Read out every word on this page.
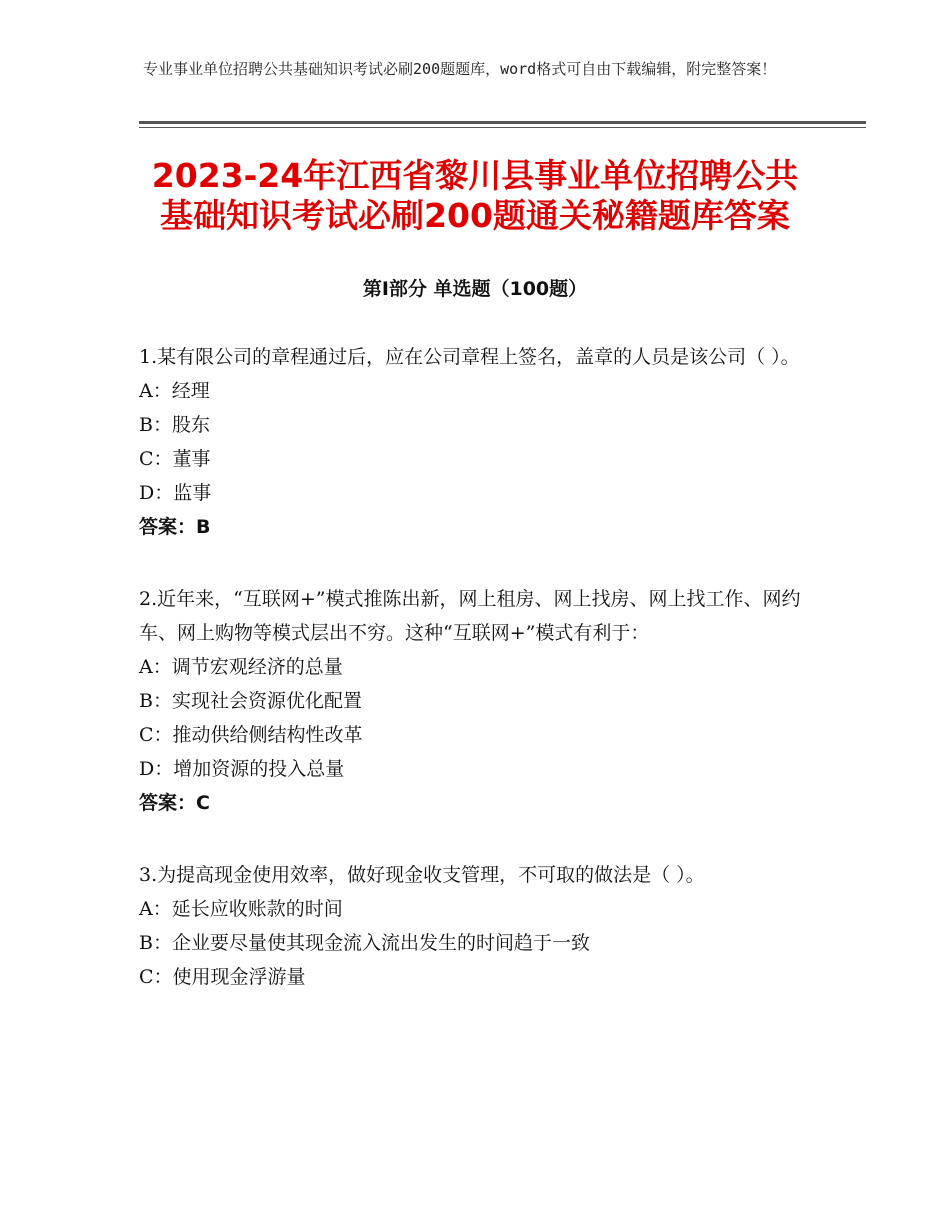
专业事业单位招聘公共基础知识考试必刷200题题库，word格式可自由下载编辑，附完整答案！
2023-24年江西省黎川县事业单位招聘公共
基础知识考试必刷200题通关秘籍题库答案
第Ⅰ部分 单选题（100题）

1.某有限公司的章程通过后，应在公司章程上签名，盖章的人员是该公司（ ）。

A：经理

B：股东

C：董事

D：监事

答案：B

2.近年来，“互联网+”模式推陈出新，网上租房、网上找房、网上找工作、网约车、网上购物等模式层出不穷。这种“互联网+”模式有利于：

A：调节宏观经济的总量

B：实现社会资源优化配置

C：推动供给侧结构性改革

D：增加资源的投入总量

答案：C

3.为提高现金使用效率，做好现金收支管理，不可取的做法是（ ）。

A：延长应收账款的时间

B：企业要尽量使其现金流入流出发生的时间趋于一致

C：使用现金浮游量
